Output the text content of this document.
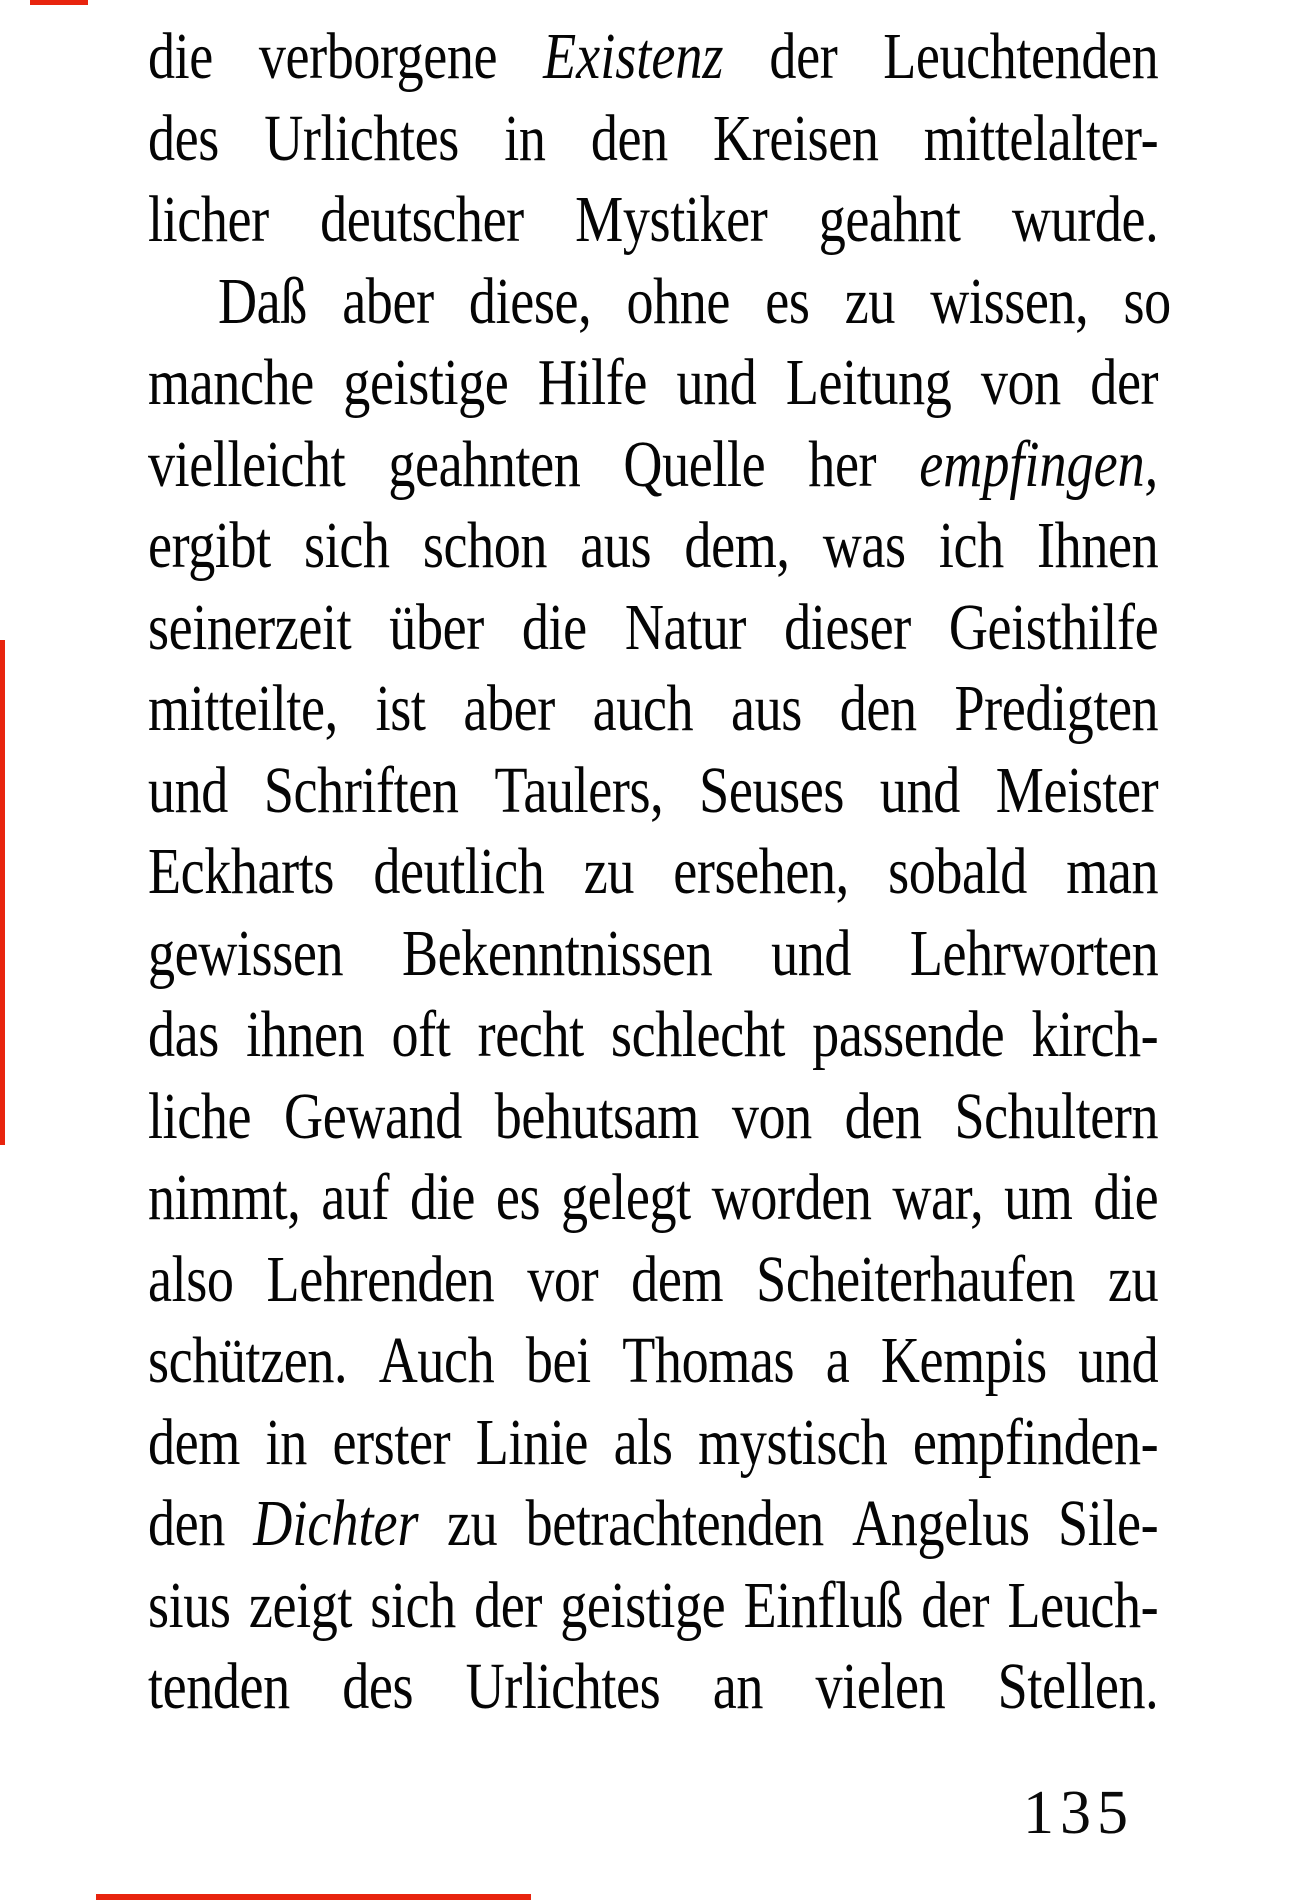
die verborgene Existenz der Leuchtenden
des Urlichtes in den Kreisen mittelalter-
licher deutscher Mystiker geahnt wurde.
Daß aber diese, ohne es zu wissen, so
manche geistige Hilfe und Leitung von der
vielleicht geahnten Quelle her empfingen,
ergibt sich schon aus dem, was ich Ihnen
seinerzeit über die Natur dieser Geisthilfe
mitteilte, ist aber auch aus den Predigten
und Schriften Taulers, Seuses und Meister
Eckharts deutlich zu ersehen, sobald man
gewissen Bekenntnissen und Lehrworten
das ihnen oft recht schlecht passende kirch-
liche Gewand behutsam von den Schultern
nimmt, auf die es gelegt worden war, um die
also Lehrenden vor dem Scheiterhaufen zu
schützen. Auch bei Thomas a Kempis und
dem in erster Linie als mystisch empfinden-
den Dichter zu betrachtenden Angelus Sile-
sius zeigt sich der geistige Einfluß der Leuch-
tenden des Urlichtes an vielen Stellen.
135
